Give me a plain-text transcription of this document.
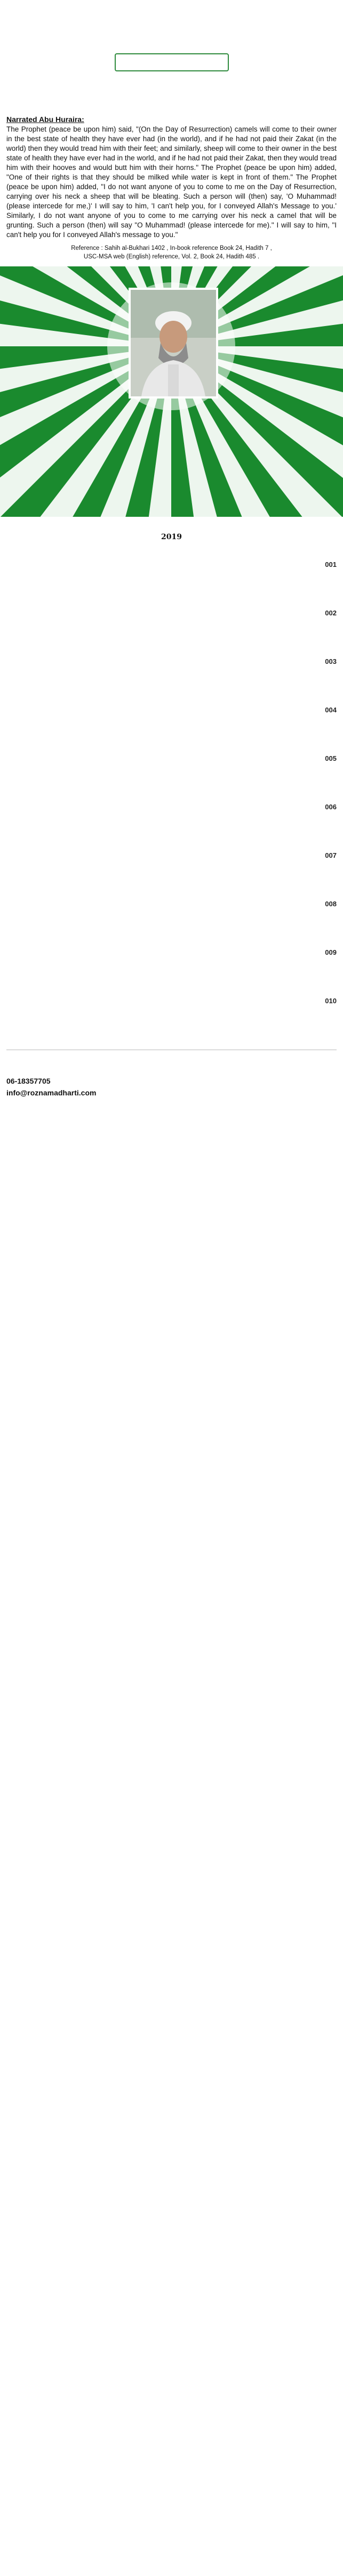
Narrated Abu Huraira:
The Prophet (peace be upon him) said, "(On the Day of Resurrection) camels will come to their owner in the best state of health they have ever had (in the world), and if he had not paid their Zakat (in the world) then they would tread him with their feet; and similarly, sheep will come to their owner in the best state of health they have ever had in the world, and if he had not paid their Zakat, then they would tread him with their hooves and would butt him with their horns." The Prophet (peace be upon him) added, "One of their rights is that they should be milked while water is kept in front of them." The Prophet (peace be upon him) added, "I do not want anyone of you to come to me on the Day of Resurrection, carrying over his neck a sheep that will be bleating. Such a person will (then) say, 'O Muhammad! (please intercede for me,)' I will say to him, 'I can't help you, for I conveyed Allah's Message to you.' Similarly, I do not want anyone of you to come to me carrying over his neck a camel that will be grunting. Such a person (then) will say "O Muhammad! (please intercede for me)." I will say to him, "I can't help you for I conveyed Allah's message to you."
Reference : Sahih al-Bukhari 1402 , In-book reference Book 24, Hadith 7 ,
USC-MSA web (English) reference, Vol. 2, Book 24, Hadith 485 .
2019
001
002
003
004
005
006
007
008
009
010
06-18357705
info@roznamadharti.com
